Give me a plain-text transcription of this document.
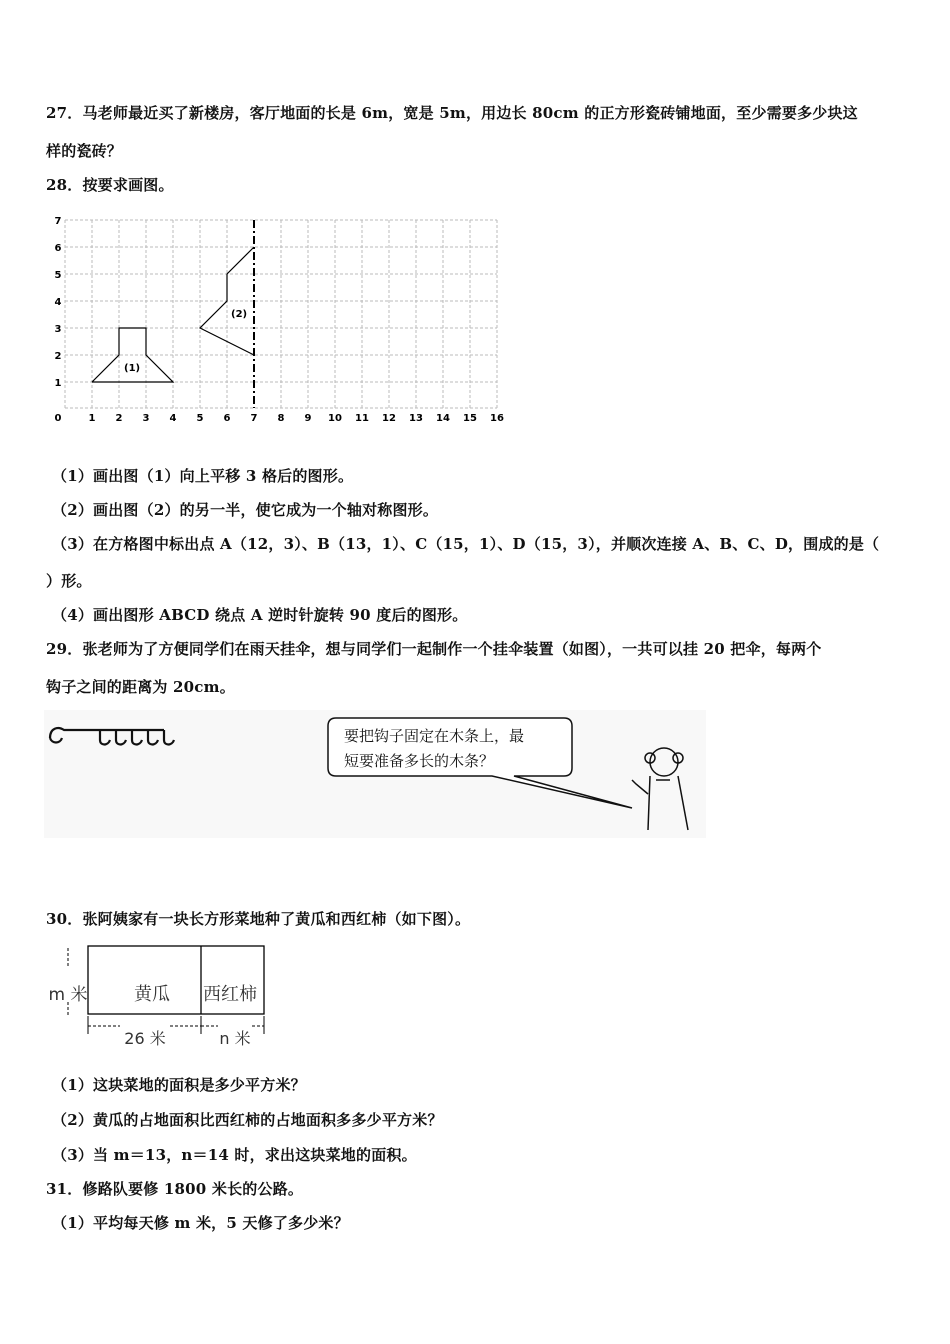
27．马老师最近买了新楼房，客厅地面的长是 6m，宽是 5m，用边长 80cm 的正方形瓷砖铺地面，至少需要多少块这
样的瓷砖？
28．按要求画图。
(1)
(2)
0	1 2 3 4 5 6 7 8 9 10 11 12 13 14 15 16
1
2
3
4
5
6
7
（1）画出图（1）向上平移 3 格后的图形。
（2）画出图（2）的另一半，使它成为一个轴对称图形。
（3）在方格图中标出点 A（12，3）、B（13，1）、C（15，1）、D（15，3），并顺次连接 A、B、C、D，围成的是（
）形。
（4）画出图形 ABCD 绕点 A 逆时针旋转 90 度后的图形。
29．张老师为了方便同学们在雨天挂伞，想与同学们一起制作一个挂伞装置（如图），一共可以挂 20 把伞，每两个
钩子之间的距离为 20cm。
要把钩子固定在木条上，最
短要准备多长的木条？
30．张阿姨家有一块长方形菜地种了黄瓜和西红柿（如下图）。
黄瓜 西红柿
m 米
26 米	n 米
（1）这块菜地的面积是多少平方米？
（2）黄瓜的占地面积比西红柿的占地面积多多少平方米？
（3）当 m＝13，n＝14 时，求出这块菜地的面积。
31．修路队要修 1800 米长的公路。
（1）平均每天修 m 米，5 天修了多少米？
